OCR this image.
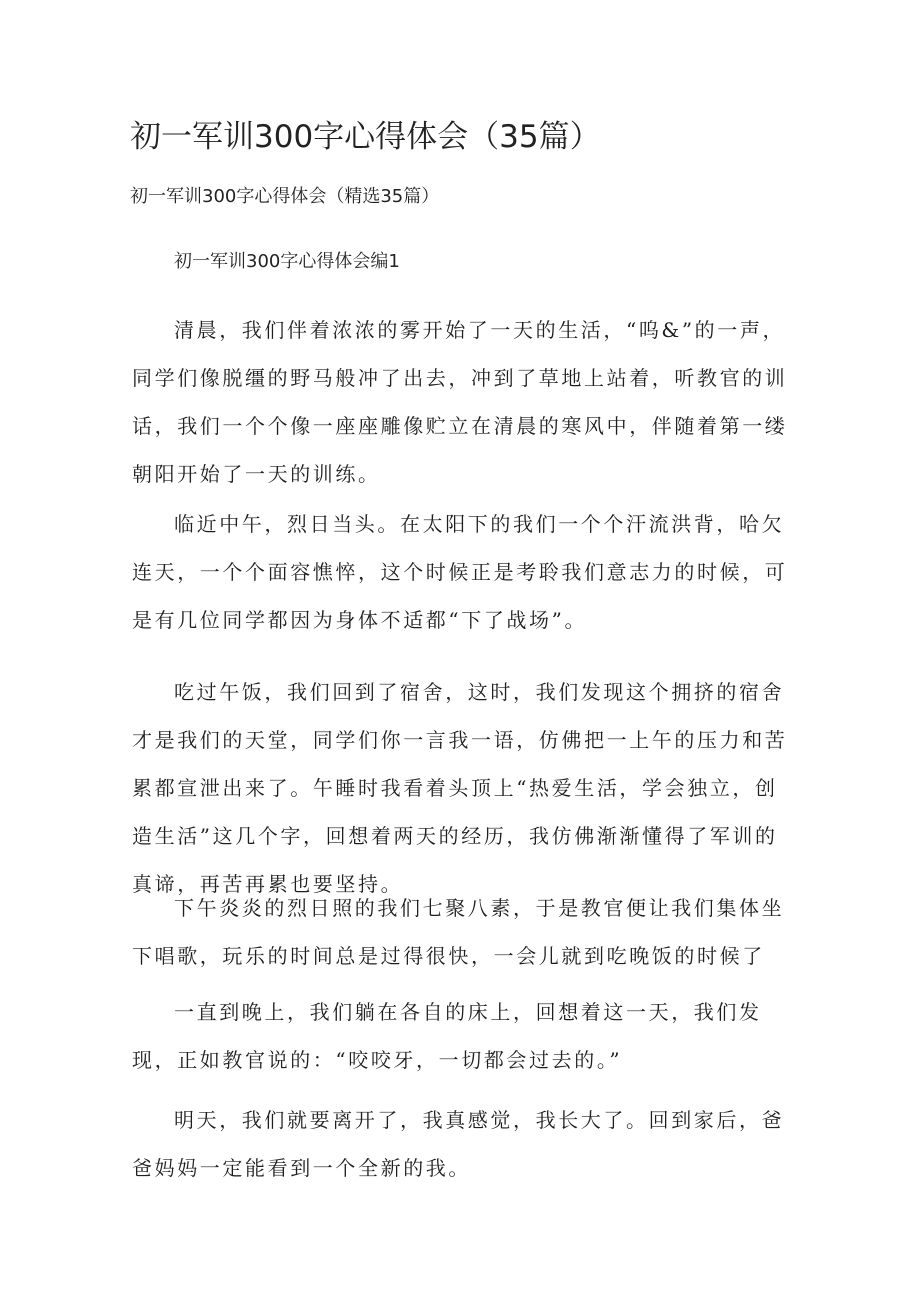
初一军训300字心得体会（35篇）

初一军训300字心得体会（精选35篇）

初一军训300字心得体会编1

清晨，我们伴着浓浓的雾开始了一天的生活，“呜&”的一声，同学们像脱缰的野马般冲了出去，冲到了草地上站着，听教官的训话，我们一个个像一座座雕像贮立在清晨的寒风中，伴随着第一缕朝阳开始了一天的训练。

临近中午，烈日当头。在太阳下的我们一个个汗流洪背，哈欠连天，一个个面容憔悴，这个时候正是考聆我们意志力的时候，可是有几位同学都因为身体不适都“下了战场”。

吃过午饭，我们回到了宿舍，这时，我们发现这个拥挤的宿舍才是我们的天堂，同学们你一言我一语，仿佛把一上午的压力和苦累都宣泄出来了。午睡时我看着头顶上“热爱生活，学会独立，创造生活”这几个字，回想着两天的经历，我仿佛渐渐懂得了军训的真谛，再苦再累也要坚持。

下午炎炎的烈日照的我们七聚八素，于是教官便让我们集体坐下唱歌，玩乐的时间总是过得很快，一会儿就到吃晚饭的时候了

一直到晚上，我们躺在各自的床上，回想着这一天，我们发现，正如教官说的：“咬咬牙，一切都会过去的。”

明天，我们就要离开了，我真感觉，我长大了。回到家后，爸爸妈妈一定能看到一个全新的我。
